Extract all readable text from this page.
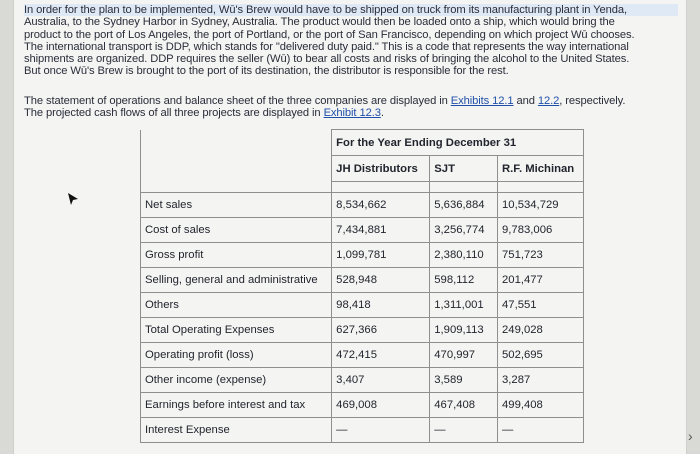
In order for the plan to be implemented, Wū's Brew would have to be shipped on truck from its manufacturing plant in Yenda,
Australia, to the Sydney Harbor in Sydney, Australia. The product would then be loaded onto a ship, which would bring the
product to the port of Los Angeles, the port of Portland, or the port of San Francisco, depending on which project Wū chooses.
The international transport is DDP, which stands for "delivered duty paid." This is a code that represents the way international
shipments are organized. DDP requires the seller (Wū) to bear all costs and risks of bringing the alcohol to the United States.
But once Wū's Brew is brought to the port of its destination, the distributor is responsible for the rest.
The statement of operations and balance sheet of the three companies are displayed in Exhibits 12.1 and 12.2, respectively.
The projected cash flows of all three projects are displayed in Exhibit 12.3.
	For the Year Ending December 31		
	JH Distributors	SJT	R.F. Michinan

Net sales	8,534,662	5,636,884	10,534,729
Cost of sales	7,434,881	3,256,774	9,783,006
Gross profit	1,099,781	2,380,110	751,723
Selling, general and administrative	528,948	598,112	201,477
Others	98,418	1,311,001	47,551
Total Operating Expenses	627,366	1,909,113	249,028
Operating profit (loss)	472,415	470,997	502,695
Other income (expense)	3,407	3,589	3,287
Earnings before interest and tax	469,008	467,408	499,408
Interest Expense	—	—	—	›
